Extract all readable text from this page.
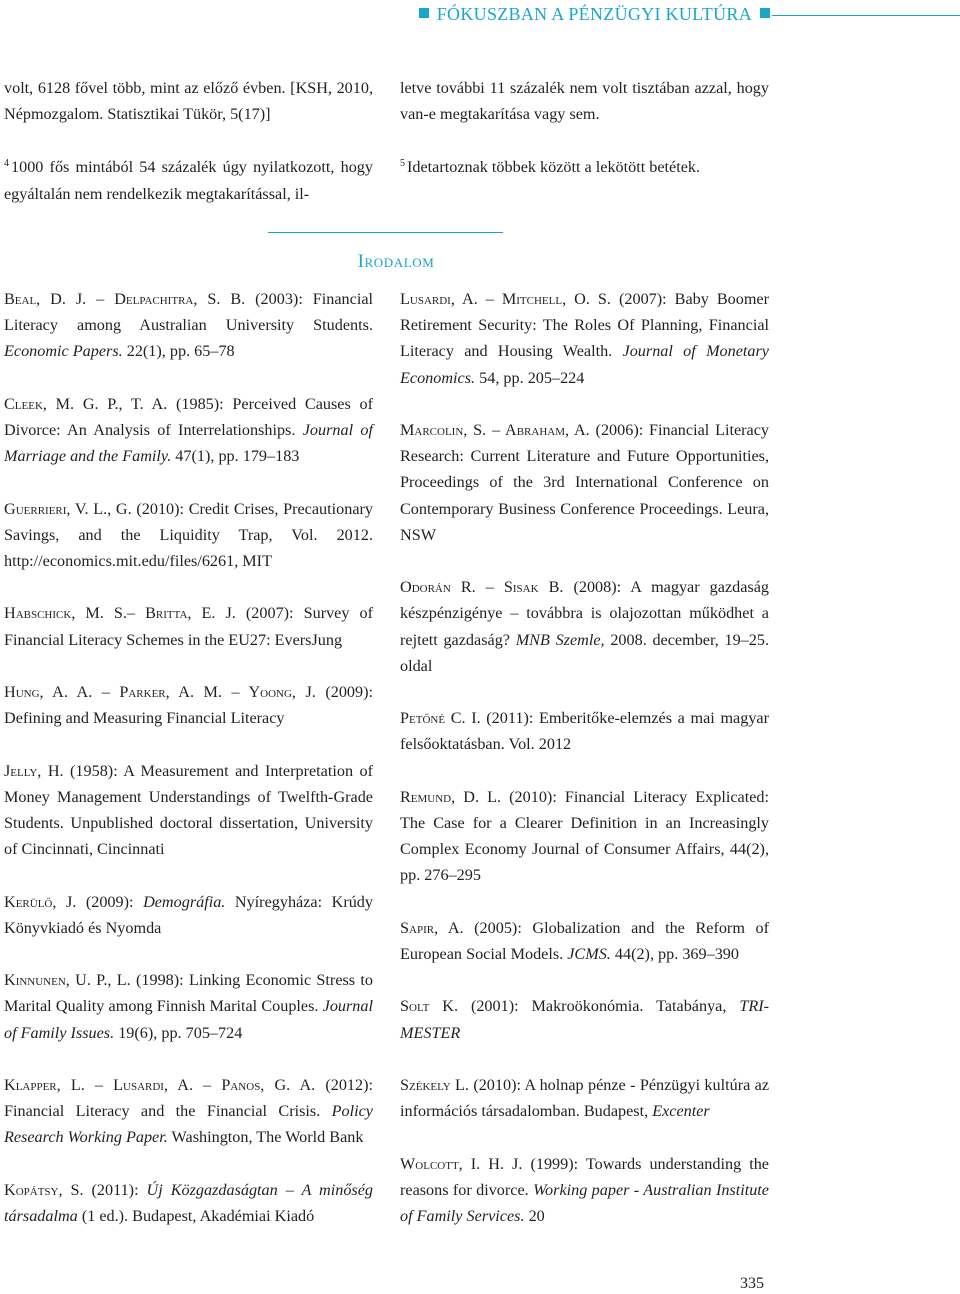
FÓKUSZBAN A PÉNZÜGYI KULTÚRA

volt, 6128 fővel több, mint az előző évben. [KSH, 2010, Népmozgalom. Statisztikai Tükör, 5(17)]

$^4$ 1000 fős mintából 54 százalék úgy nyilatkozott, hogy egyáltalán nem rendelkezik megtakarítással, il-

letve további 11 százalék nem volt tisztában azzal, hogy van-e megtakarítása vagy sem.

$^5$ Idetartoznak többek között a lekötött betétek.

Irodalom

Beal, D. J. – Delpachitra, S. B. (2003): Financial Literacy among Australian University Students. Economic Papers. 22(1), pp. 65–78

Cleek, M. G. P., T. A. (1985): Perceived Causes of Divorce: An Analysis of Interrelationships. Journal of Marriage and the Family. 47(1), pp. 179–183

Guerrieri, V. L., G. (2010): Credit Crises, Precautionary Savings, and the Liquidity Trap, Vol. 2012. http://economics.mit.edu/files/6261, MIT

Habschick, M. S.– Britta, E. J. (2007): Survey of Financial Literacy Schemes in the EU27: EversJung

Hung, A. A. – Parker, A. M. – Yoong, J. (2009): Defining and Measuring Financial Literacy

Jelly, H. (1958): A Measurement and Interpretation of Money Management Understandings of Twelfth-Grade Students. Unpublished doctoral dissertation, University of Cincinnati, Cincinnati

Kerülő, J. (2009): Demográfia. Nyíregyháza: Krúdy Könyvkiadó és Nyomda

Kinnunen, U. P., L. (1998): Linking Economic Stress to Marital Quality among Finnish Marital Couples. Journal of Family Issues. 19(6), pp. 705–724

Klapper, L. – Lusardi, A. – Panos, G. A. (2012): Financial Literacy and the Financial Crisis. Policy Research Working Paper. Washington, The World Bank

Kopátsy, S. (2011): Új Közgazdaságtan – A minőség társadalma (1 ed.). Budapest, Akadémiai Kiadó

Lusardi, A. – Mitchell, O. S. (2007): Baby Boomer Retirement Security: The Roles Of Planning, Financial Literacy and Housing Wealth. Journal of Monetary Economics. 54, pp. 205–224

Marcolin, S. – Abraham, A. (2006): Financial Literacy Research: Current Literature and Future Opportunities, Proceedings of the 3rd International Conference on Contemporary Business Conference Proceedings. Leura, NSW

Odorán R. – Sisak B. (2008): A magyar gazdaság készpénzigénye – továbbra is olajozottan működhet a rejtett gazdaság? MNB Szemle, 2008. december, 19–25. oldal

Petőné C. I. (2011): Emberitőke-elemzés a mai magyar felsőoktatásban. Vol. 2012

Remund, D. L. (2010): Financial Literacy Explicated: The Case for a Clearer Definition in an Increasingly Complex Economy Journal of Consumer Affairs, 44(2), pp. 276–295

Sapir, A. (2005): Globalization and the Reform of European Social Models. JCMS. 44(2), pp. 369–390

Solt K. (2001): Makroökonómia. Tatabánya, TRI-MESTER

Székely L. (2010): A holnap pénze - Pénzügyi kultúra az információs társadalomban. Budapest, Excenter

Wolcott, I. H. J. (1999): Towards understanding the reasons for divorce. Working paper - Australian Institute of Family Services. 20

335
